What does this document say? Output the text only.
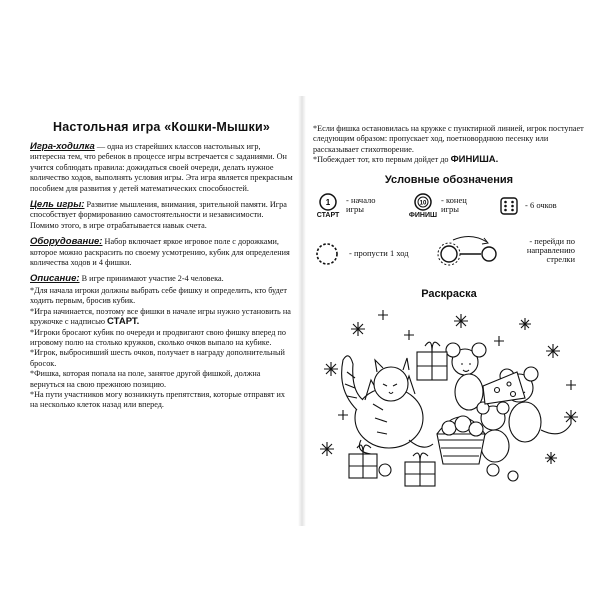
Настольная игра «Кошки-Мышки»

Игра-ходилка — одна из старейших классов настольных игр, интересна тем, что ребенок в процессе игры встречается с заданиями. Он учится соблюдать правила: дожидаться своей очереди, делать нужное количество ходов, выполнять условия игры. Эта игра является прекрасным пособием для развития у детей математических способностей.

Цель игры: Развитие мышления, внимания, зрительной памяти. Игра способствует формированию самостоятельности и независимости. Помимо этого, в игре отрабатывается навык счета.

Оборудование: Набор включает яркое игровое поле с дорожками, которое можно раскрасить по своему усмотрению, кубик для определения количества ходов и 4 фишки.

Описание: В игре принимают участие 2-4 человека.

*Для начала игроки должны выбрать себе фишку и определить, кто будет ходить первым, бросив кубик.

*Игра начинается, поэтому все фишки в начале игры нужно установить на кружочке с надписью СТАРТ.

*Игроки бросают кубик по очереди и продвигают свою фишку вперед по игровому полю на столько кружков, сколько очков выпало на кубике.

*Игрок, выбросивший шесть очков, получает в награду дополнительный бросок.

*Фишка, которая попала на поле, занятое другой фишкой, должна вернуться на свою прежнюю позицию.

*На пути участников могу возникнуть препятствия, которые отправят их на несколько клеток назад или вперед.

*Если фишка остановилась на кружке с пунктирной линией, игрок поступает следующим образом: пропускает ход, поетноворднюю песенку или рассказывает стихотворение.

*Побеждает тот, кто первым дойдет до ФИНИША.

Условные обозначения
1
СТАРТ
- начало игры
10
ФИНИШ
- конец игры	- 6 очков
- пропусти 1 ход
- перейди по направлению стрелки
Раскраска
